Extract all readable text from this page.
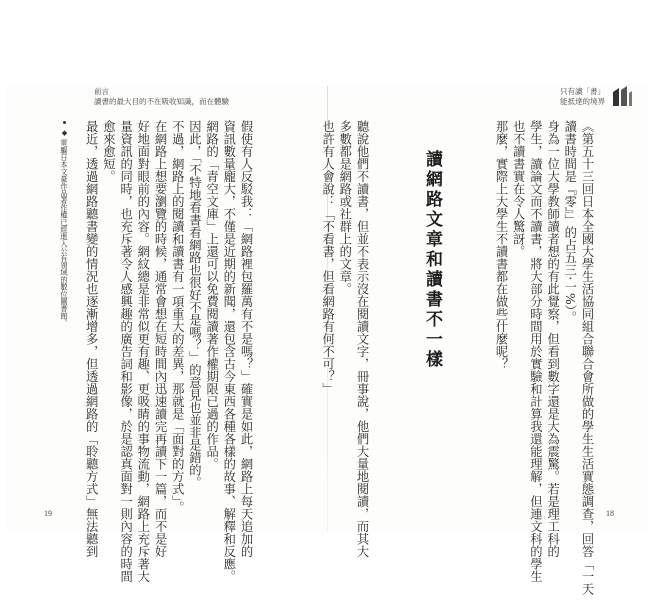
前言
讀書的最大目的不在吸收知識，而在體驗
只有讀「書」
能抵達的境界

《第五十三回日本全國大學生活協同組合聯合會所做的學生生活實態調查，回答「一天
讀書時間是『零』」的占五三‧一%）。

身為一位大學教師讀者想的有此覺察，但看到數字還是大為震驚。若是理工科的
學生，讀論文而不讀書，將大部分時間用於實驗和計算我還能理解，但連文科的學生
也不讀書實在令人驚訝。

那麼，實際上大學生不讀書都在做些什麼呢？

讀網路文章和讀書不一樣

聽說他們不讀書，但並不表示沒在閱讀文字，冊事說，他們大量地閱讀，而其大
多數都是網路或社群上的文章。

也許有人會說：「不看書，但看網路有何不可？」

18

假使有人反駁我：「網路裡包羅萬有不是嗎？」確實是如此，網路上每天追加的
資訊數量龐大，不僅是近期的新聞，還包含古今東西各種各樣的故事、解釋和反應。
網路的「青空文庫」上還可以免費閱讀著作權期限已過的作品。

因此，「不特地看書看網路也很好不是嗎？」的意見也並非是錯的。

不過，網路上的閱讀和讀書有一項重大的差異，那就是「面對的方式」。
在網路上想要瀏覽的時候，通常會想在短時間內迅速讀完再讀下一篇，而不是好
好地面對眼前的內容。網紋總是非常似更有趣、更吸睛的事物流動，網路上充斥著大
量資訊的同時，也充斥著令人感興趣的廣告詞和影像，於是認真面對一則內容的時間
愈來愈短。

最近，透過網路聽書變的情況也逐漸增多，但透過網路的「聆聽方式」無法聽到

◆ 電驅日本文豪作品著作權已經進入公有領域的數位圖書館。
19
